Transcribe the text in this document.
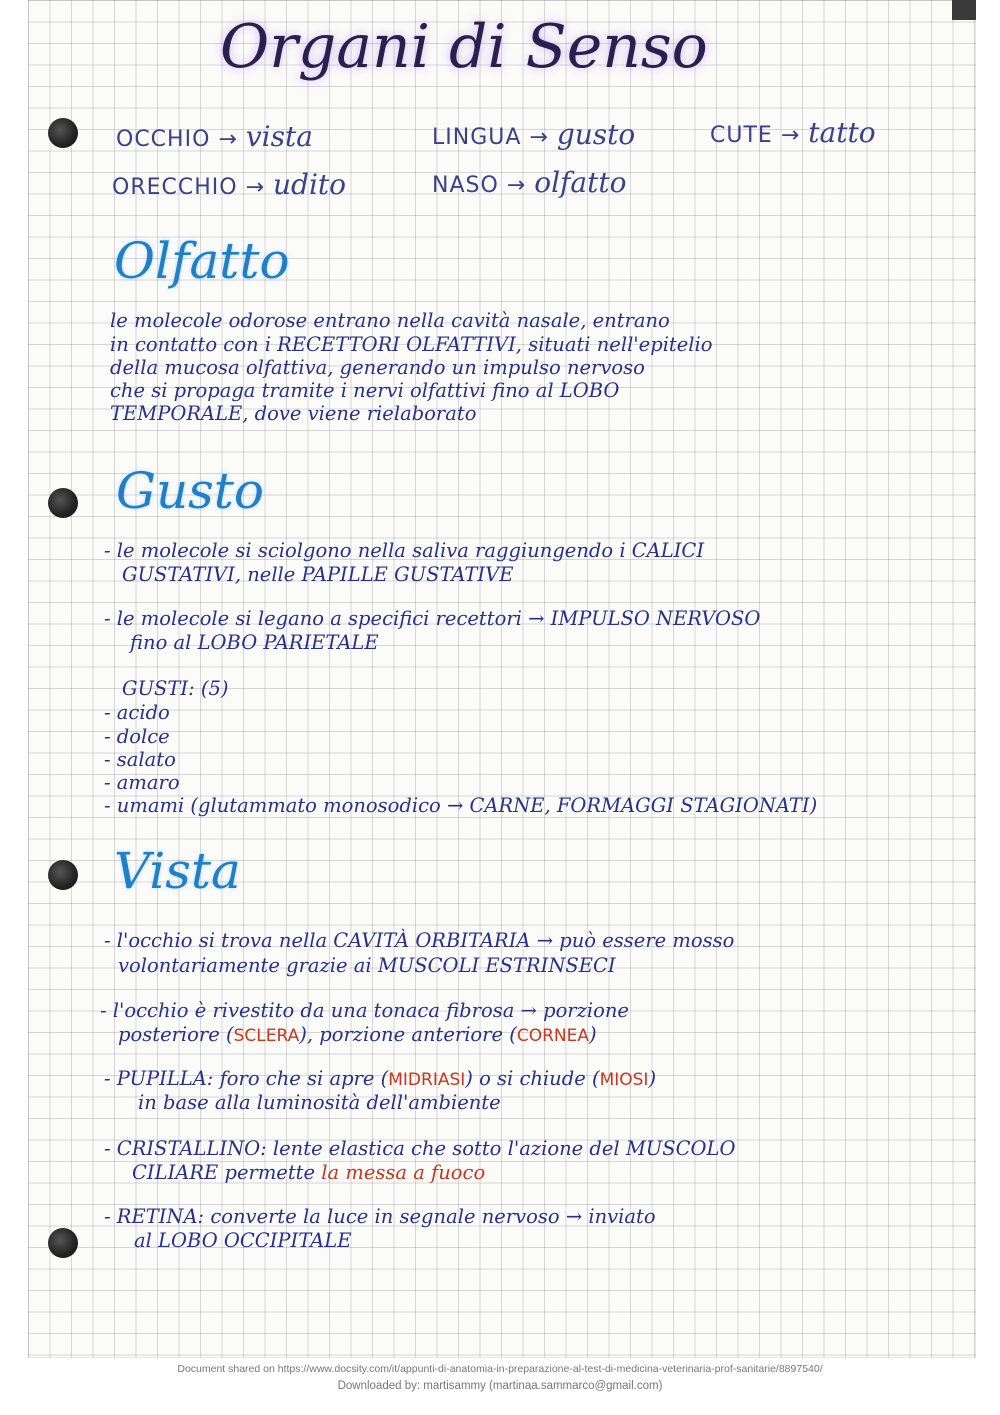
Organi di Senso
OCCHIO → vista
ORECCHIO → udito
LINGUA → gusto
NASO → olfatto
CUTE → tatto
Olfatto
le molecole odorose entrano nella cavità nasale, entrano
in contatto con i RECETTORI OLFATTIVI, situati nell'epitelio
della mucosa olfattiva, generando un impulso nervoso
che si propaga tramite i nervi olfattivi fino al LOBO
TEMPORALE, dove viene rielaborato
Gusto
- le molecole si sciolgono nella saliva raggiungendo i CALICI
GUSTATIVI, nelle PAPILLE GUSTATIVE
- le molecole si legano a specifici recettori → IMPULSO NERVOSO
fino al LOBO PARIETALE
GUSTI: (5)
- acido
- dolce
- salato
- amaro
- umami (glutammato monosodico → CARNE, FORMAGGI STAGIONATI)
Vista
- l'occhio si trova nella CAVITÀ ORBITARIA → può essere mosso
volontariamente grazie ai MUSCOLI ESTRINSECI
- l'occhio è rivestito da una tonaca fibrosa → porzione
posteriore (SCLERA), porzione anteriore (CORNEA)
- PUPILLA: foro che si apre (MIDRIASI) o si chiude (MIOSI)
in base alla luminosità dell'ambiente
- CRISTALLINO: lente elastica che sotto l'azione del MUSCOLO
CILIARE permette la messa a fuoco
- RETINA: converte la luce in segnale nervoso → inviato
al LOBO OCCIPITALE
Document shared on https://www.docsity.com/it/appunti-di-anatomia-in-preparazione-al-test-di-medicina-veterinaria-prof-sanitarie/8897540/
Downloaded by: martisammy (martinaa.sammarco@gmail.com)
